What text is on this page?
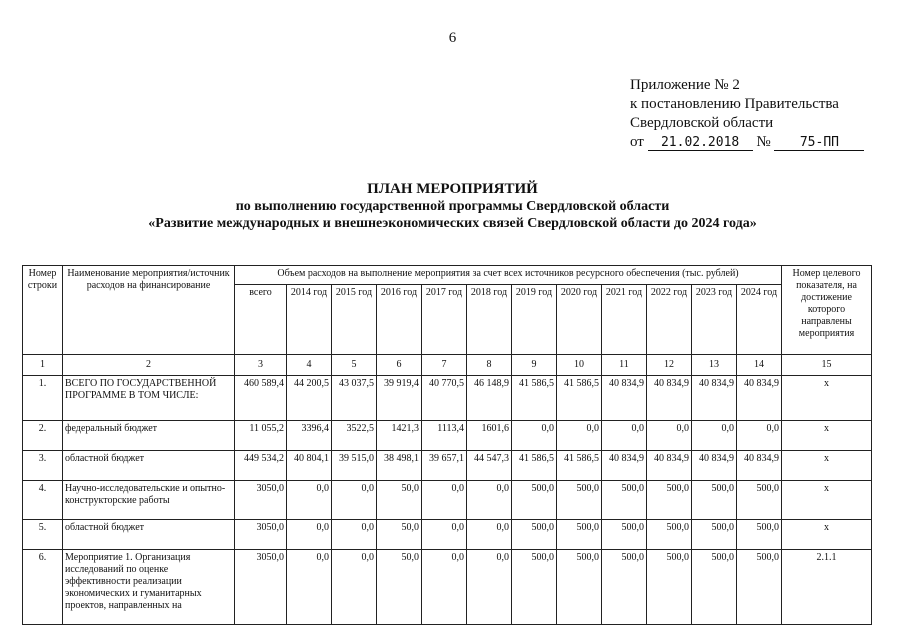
6
Приложение № 2
к постановлению Правительства
Свердловской области
от 21.02.2018 № 75-ПП
ПЛАН МЕРОПРИЯТИЙ
по выполнению государственной программы Свердловской области
«Развитие международных и внешнеэкономических связей Свердловской области до 2024 года»
Номер строки	Наименование мероприятия/источник расходов на финансирование	Объем расходов на выполнение мероприятия за счет всех источников ресурсного обеспечения (тыс. рублей)												Номер целевого показателя, на достижение которого направлены мероприятия
		всего	2014 год	2015 год	2016 год	2017 год	2018 год	2019 год	2020 год	2021 год	2022 год	2023 год	2024 год	
1	2	3	4	5	6	7	8	9	10	11	12	13	14	15
1.	ВСЕГО ПО ГОСУДАРСТВЕННОЙ ПРОГРАММЕ В ТОМ ЧИСЛЕ:	460 589,4	44 200,5	43 037,5	39 919,4	40 770,5	46 148,9	41 586,5	41 586,5	40 834,9	40 834,9	40 834,9	40 834,9	x
2.	федеральный бюджет	11 055,2	3396,4	3522,5	1421,3	1113,4	1601,6	0,0	0,0	0,0	0,0	0,0	0,0	x
3.	областной бюджет	449 534,2	40 804,1	39 515,0	38 498,1	39 657,1	44 547,3	41 586,5	41 586,5	40 834,9	40 834,9	40 834,9	40 834,9	x
4.	Научно-исследовательские и опытно-конструкторские работы	3050,0	0,0	0,0	50,0	0,0	0,0	500,0	500,0	500,0	500,0	500,0	500,0	x
5.	областной бюджет	3050,0	0,0	0,0	50,0	0,0	0,0	500,0	500,0	500,0	500,0	500,0	500,0	x
6.	Мероприятие 1. Организация исследований по оценке эффективности реализации экономических и гуманитарных проектов, направленных на	3050,0	0,0	0,0	50,0	0,0	0,0	500,0	500,0	500,0	500,0	500,0	500,0	2.1.1
